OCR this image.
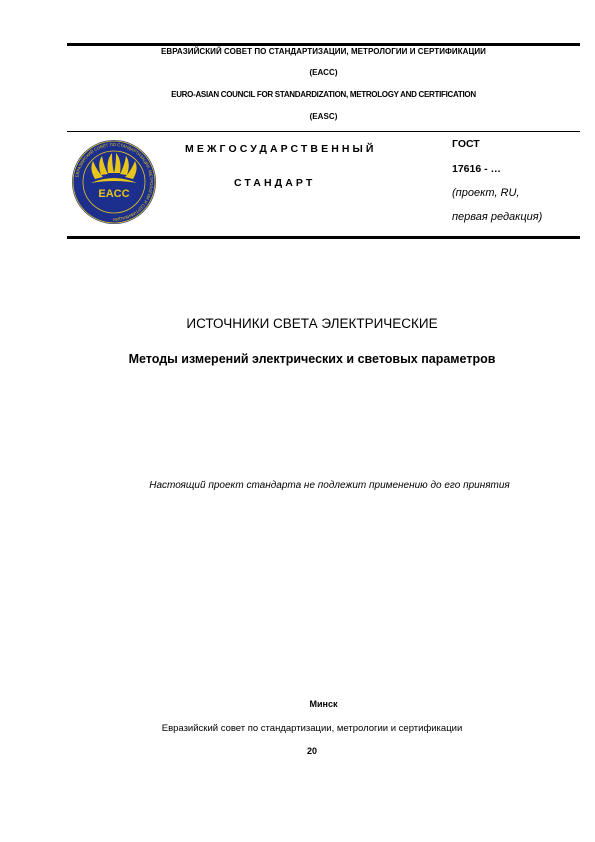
ЕВРАЗИЙСКИЙ СОВЕТ ПО СТАНДАРТИЗАЦИИ, МЕТРОЛОГИИ И СЕРТИФИКАЦИИ
(ЕАСС)
EURO-ASIAN COUNCIL FOR STANDARDIZATION, METROLOGY AND CERTIFICATION
(EASC)
ЕВРАЗИЙСКИЙ СОВЕТ ПО СТАНДАРТИЗАЦИИ, МЕТРОЛОГИИ И СЕРТИФИКАЦИИ
EACC
МЕЖГОСУДАРСТВЕННЫЙ
СТАНДАРТ
ГОСТ
17616 - …
(проект, RU,
первая редакция)
ИСТОЧНИКИ СВЕТА ЭЛЕКТРИЧЕСКИЕ
Методы измерений электрических и световых параметров
Настоящий проект стандарта не подлежит применению до его принятия
Минск
Евразийский совет по стандартизации, метрологии и сертификации
20
